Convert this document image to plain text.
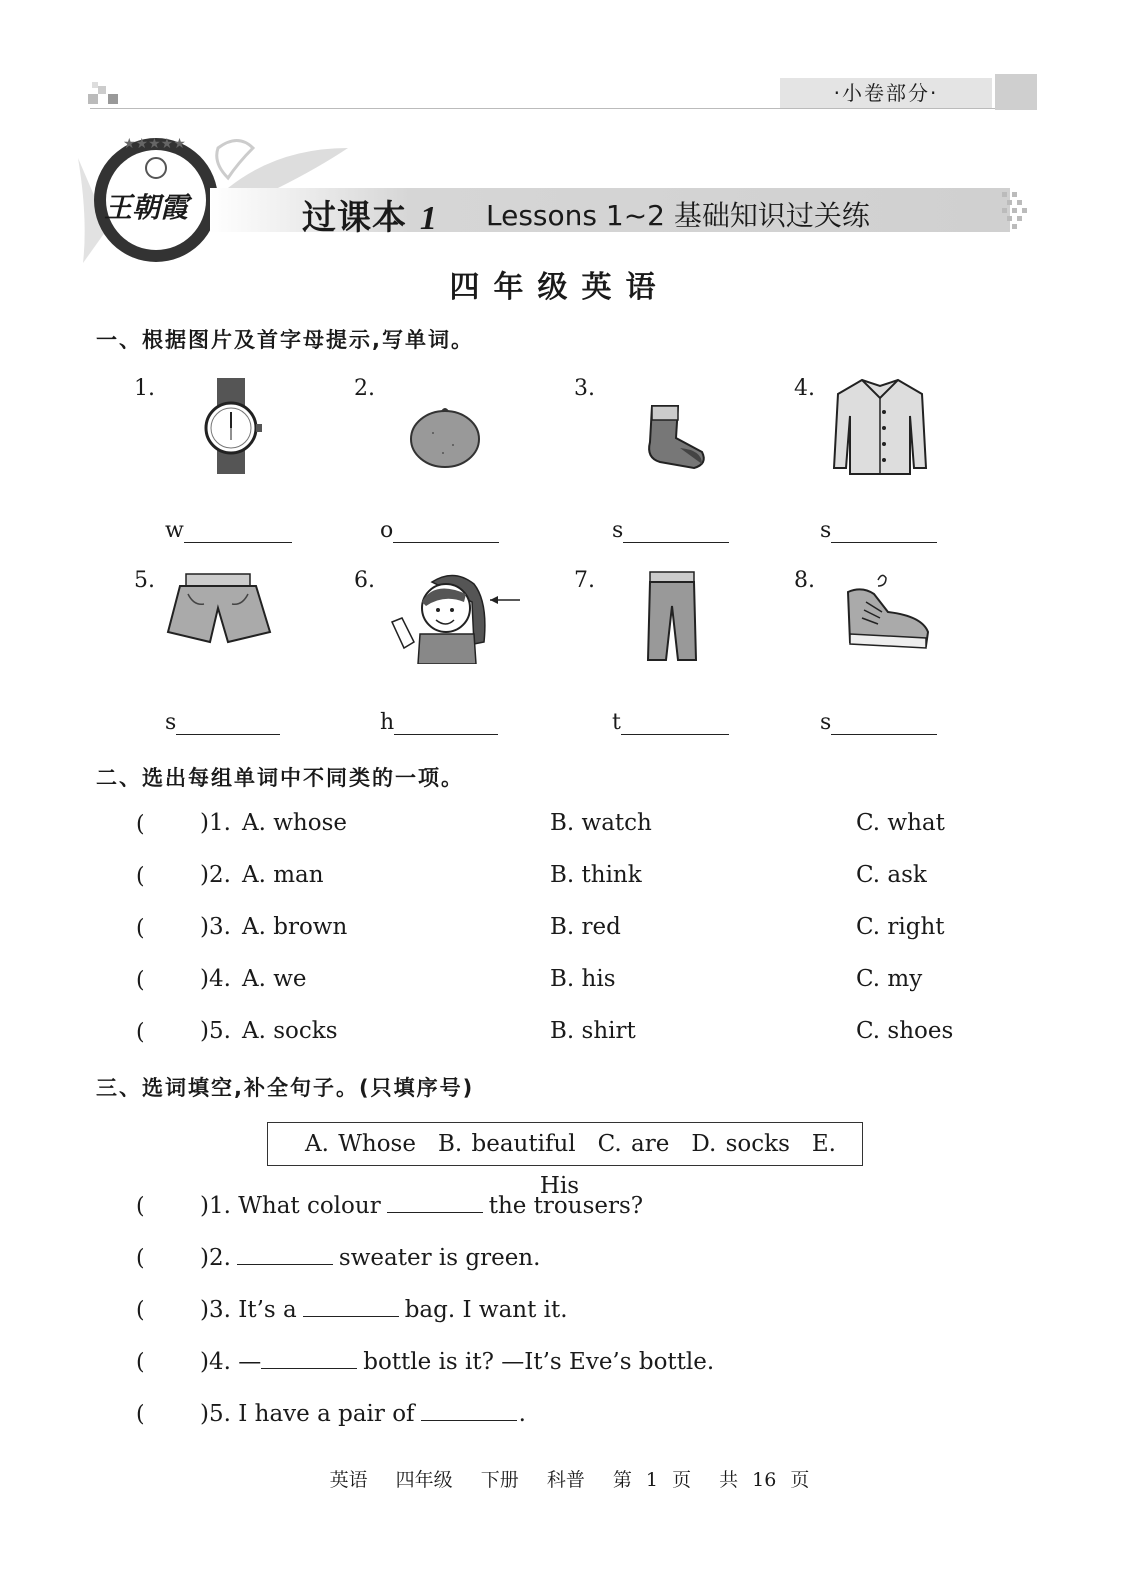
·小卷部分·
★★★★★
王朝霞	过课本 1 Lessons 1~2 基础知识过关练
四年级英语
一、根据图片及首字母提示,写单词。
1.	2.	3.	4.
w	o	s	s
5.	6.	7.	8.
s	h	t	s
二、选出每组单词中不同类的一项。
( )1. A. whose	B. watch	C. what
( )2. A. man	B. think	C. ask
( )3. A. brown	B. red	C. right
( )4. A. we	B. his	C. my
( )5. A. socks	B. shirt	C. shoes
三、选词填空,补全句子。(只填序号)
A. Whose B. beautiful C. are D. socks E. His
( )1. What colour	the trousers?
( )2.	sweater is green.
( )3. It’s a	bag. I want it.
( )4. —	bottle is it? —It’s Eve’s bottle.
( )5. I have a pair of	.
英语  四年级  下册  科普  第 1 页  共 16 页
